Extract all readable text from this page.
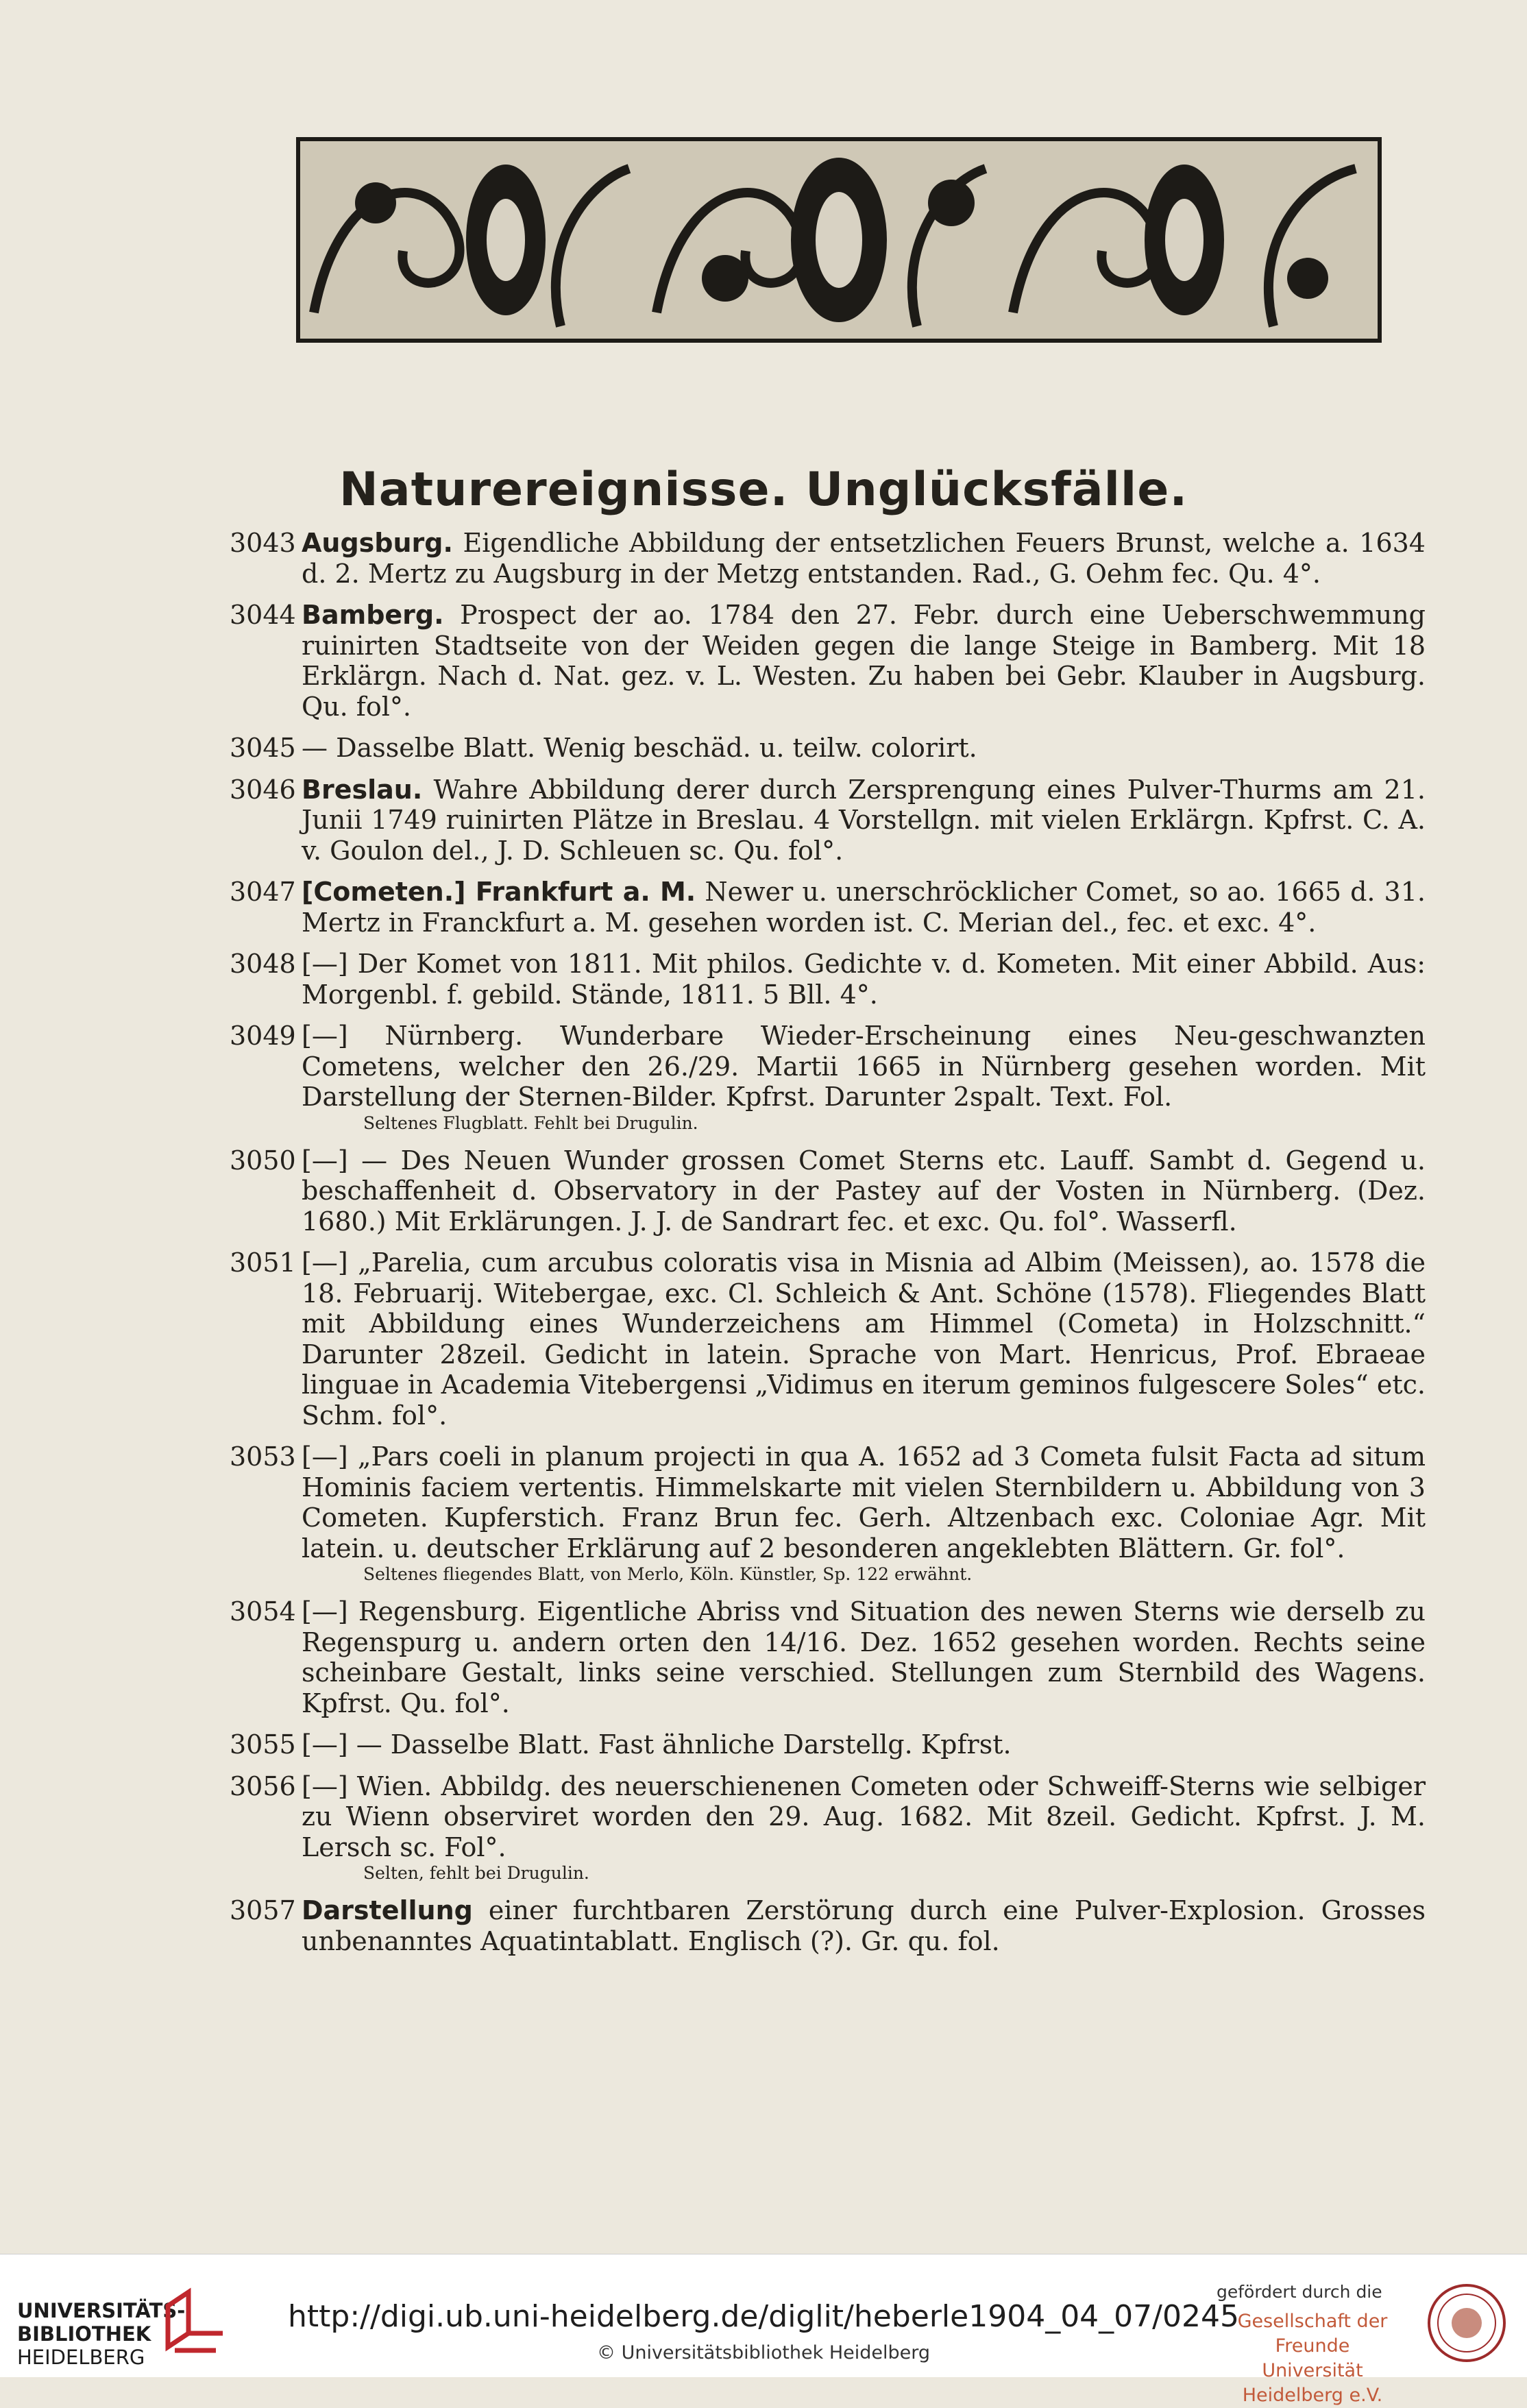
Naturereignisse. Unglücksfälle.
3043 Augsburg. Eigendliche Abbildung der entsetzlichen Feuers Brunst, welche a. 1634 d. 2. Mertz zu Augsburg in der Metzg entstanden. Rad., G. Oehm fec. Qu. 4°.
3044 Bamberg. Prospect der ao. 1784 den 27. Febr. durch eine Ueberschwemmung ruinirten Stadtseite von der Weiden gegen die lange Steige in Bamberg. Mit 18 Erklärgn. Nach d. Nat. gez. v. L. Westen. Zu haben bei Gebr. Klauber in Augsburg. Qu. fol°.
3045 — Dasselbe Blatt. Wenig beschäd. u. teilw. colorirt.
3046 Breslau. Wahre Abbildung derer durch Zersprengung eines Pulver-Thurms am 21. Junii 1749 ruinirten Plätze in Breslau. 4 Vorstellgn. mit vielen Erklärgn. Kpfrst. C. A. v. Goulon del., J. D. Schleuen sc. Qu. fol°.
3047 [Cometen.] Frankfurt a. M. Newer u. unerschröcklicher Comet, so ao. 1665 d. 31. Mertz in Franckfurt a. M. gesehen worden ist. C. Merian del., fec. et exc. 4°.
3048 [—] Der Komet von 1811. Mit philos. Gedichte v. d. Kometen. Mit einer Abbild. Aus: Morgenbl. f. gebild. Stände, 1811. 5 Bll. 4°.
3049 [—] Nürnberg. Wunderbare Wieder-Erscheinung eines Neu-geschwanzten Cometens, welcher den 26./29. Martii 1665 in Nürnberg gesehen worden. Mit Darstellung der Sternen-Bilder. Kpfrst. Darunter 2spalt. Text. Fol.
Seltenes Flugblatt. Fehlt bei Drugulin.
3050 [—] — Des Neuen Wunder grossen Comet Sterns etc. Lauff. Sambt d. Gegend u. beschaffenheit d. Observatory in der Pastey auf der Vosten in Nürnberg. (Dez. 1680.) Mit Erklärungen. J. J. de Sandrart fec. et exc. Qu. fol°. Wasserfl.
3051 [—] „Parelia, cum arcubus coloratis visa in Misnia ad Albim (Meissen), ao. 1578 die 18. Februarij. Witebergae, exc. Cl. Schleich & Ant. Schöne (1578). Fliegendes Blatt mit Abbildung eines Wunderzeichens am Himmel (Cometa) in Holzschnitt.“ Darunter 28zeil. Gedicht in latein. Sprache von Mart. Henricus, Prof. Ebraeae linguae in Academia Vitebergensi „Vidimus en iterum geminos fulgescere Soles“ etc. Schm. fol°.
3053 [—] „Pars coeli in planum projecti in qua A. 1652 ad 3 Cometa fulsit Facta ad situm Hominis faciem vertentis. Himmelskarte mit vielen Sternbildern u. Abbildung von 3 Cometen. Kupferstich. Franz Brun fec. Gerh. Altzenbach exc. Coloniae Agr. Mit latein. u. deutscher Erklärung auf 2 besonderen angeklebten Blättern. Gr. fol°.
Seltenes fliegendes Blatt, von Merlo, Köln. Künstler, Sp. 122 erwähnt.
3054 [—] Regensburg. Eigentliche Abriss vnd Situation des newen Sterns wie derselb zu Regenspurg u. andern orten den 14/16. Dez. 1652 gesehen worden. Rechts seine scheinbare Gestalt, links seine verschied. Stellungen zum Sternbild des Wagens. Kpfrst. Qu. fol°.
3055 [—] — Dasselbe Blatt. Fast ähnliche Darstellg. Kpfrst.
3056 [—] Wien. Abbildg. des neuerschienenen Cometen oder Schweiff-Sterns wie selbiger zu Wienn observiret worden den 29. Aug. 1682. Mit 8zeil. Gedicht. Kpfrst. J. M. Lersch sc. Fol°.
Selten, fehlt bei Drugulin.
3057 Darstellung einer furchtbaren Zerstörung durch eine Pulver-Explosion. Grosses unbenanntes Aquatintablatt. Englisch (?). Gr. qu. fol.
UNIVERSITÄTS-
BIBLIOTHEK
HEIDELBERG
http://digi.ub.uni-heidelberg.de/diglit/heberle1904_04_07/0245
© Universitätsbibliothek Heidelberg
gefördert durch die
Gesellschaft der Freunde
Universität Heidelberg e.V.
